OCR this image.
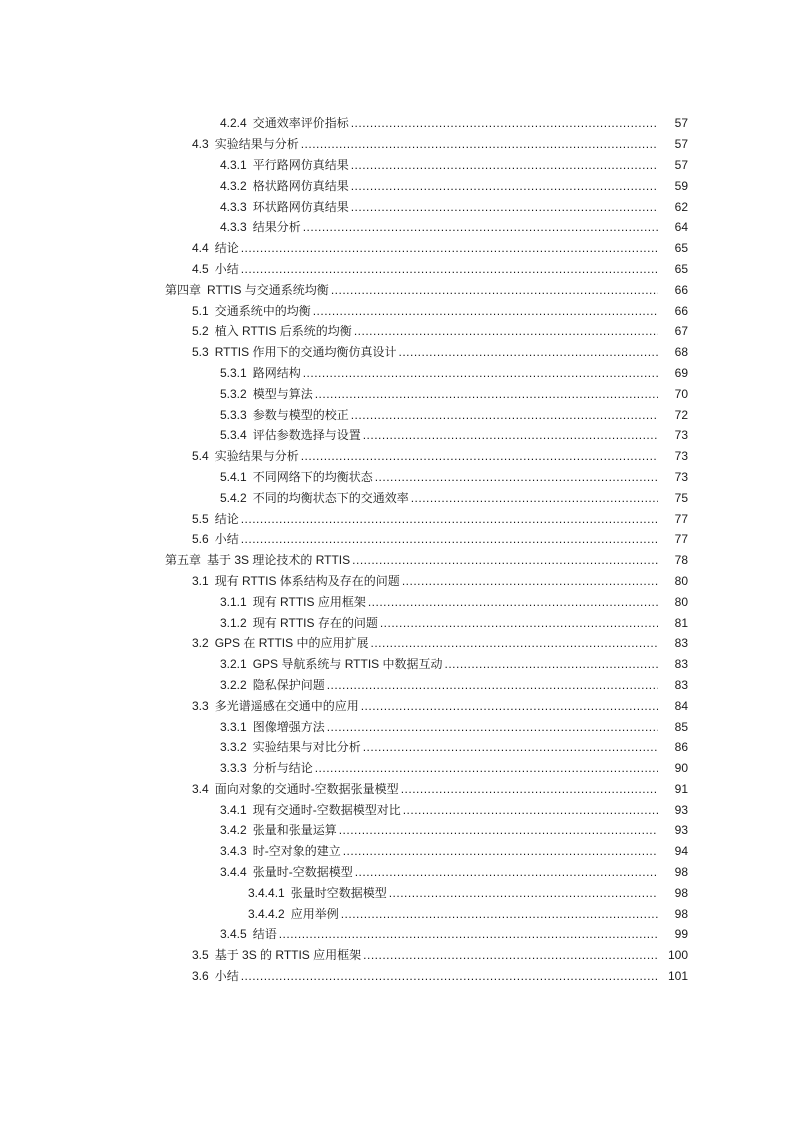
4.2.4 交通效率评价指标 .....	57
4.3 实验结果与分析 .....	57
4.3.1 平行路网仿真结果 .....	57
4.3.2 格状路网仿真结果 .....	59
4.3.3 环状路网仿真结果 .....	62
4.3.3 结果分析 .....	64
4.4 结论 .....	65
4.5 小结 .....	65
第四章 RTTIS 与交通系统均衡 .....	66
5.1 交通系统中的均衡 .....	66
5.2 植入 RTTIS 后系统的均衡 .....	67
5.3 RTTIS 作用下的交通均衡仿真设计 .....	68
5.3.1 路网结构 .....	69
5.3.2 模型与算法 .....	70
5.3.3 参数与模型的校正 .....	72
5.3.4 评估参数选择与设置 .....	73
5.4 实验结果与分析 .....	73
5.4.1 不同网络下的均衡状态 .....	73
5.4.2 不同的均衡状态下的交通效率 .....	75
5.5 结论 .....	77
5.6 小结 .....	77
第五章 基于 3S 理论技术的 RTTIS .....	78
3.1 现有 RTTIS 体系结构及存在的问题 .....	80
3.1.1 现有 RTTIS 应用框架 .....	80
3.1.2 现有 RTTIS 存在的问题 .....	81
3.2 GPS 在 RTTIS 中的应用扩展 .....	83
3.2.1 GPS 导航系统与 RTTIS 中数据互动 .....	83
3.2.2 隐私保护问题 .....	83
3.3 多光谱遥感在交通中的应用 .....	84
3.3.1 图像增强方法 .....	85
3.3.2 实验结果与对比分析 .....	86
3.3.3 分析与结论 .....	90
3.4 面向对象的交通时-空数据张量模型 .....	91
3.4.1 现有交通时-空数据模型对比 .....	93
3.4.2 张量和张量运算 .....	93
3.4.3 时-空对象的建立 .....	94
3.4.4 张量时-空数据模型 .....	98
3.4.4.1 张量时空数据模型 .....	98
3.4.4.2 应用举例 .....	98
3.4.5 结语 .....	99
3.5 基于 3S 的 RTTIS 应用框架 .....	100
3.6 小结 .....	101
